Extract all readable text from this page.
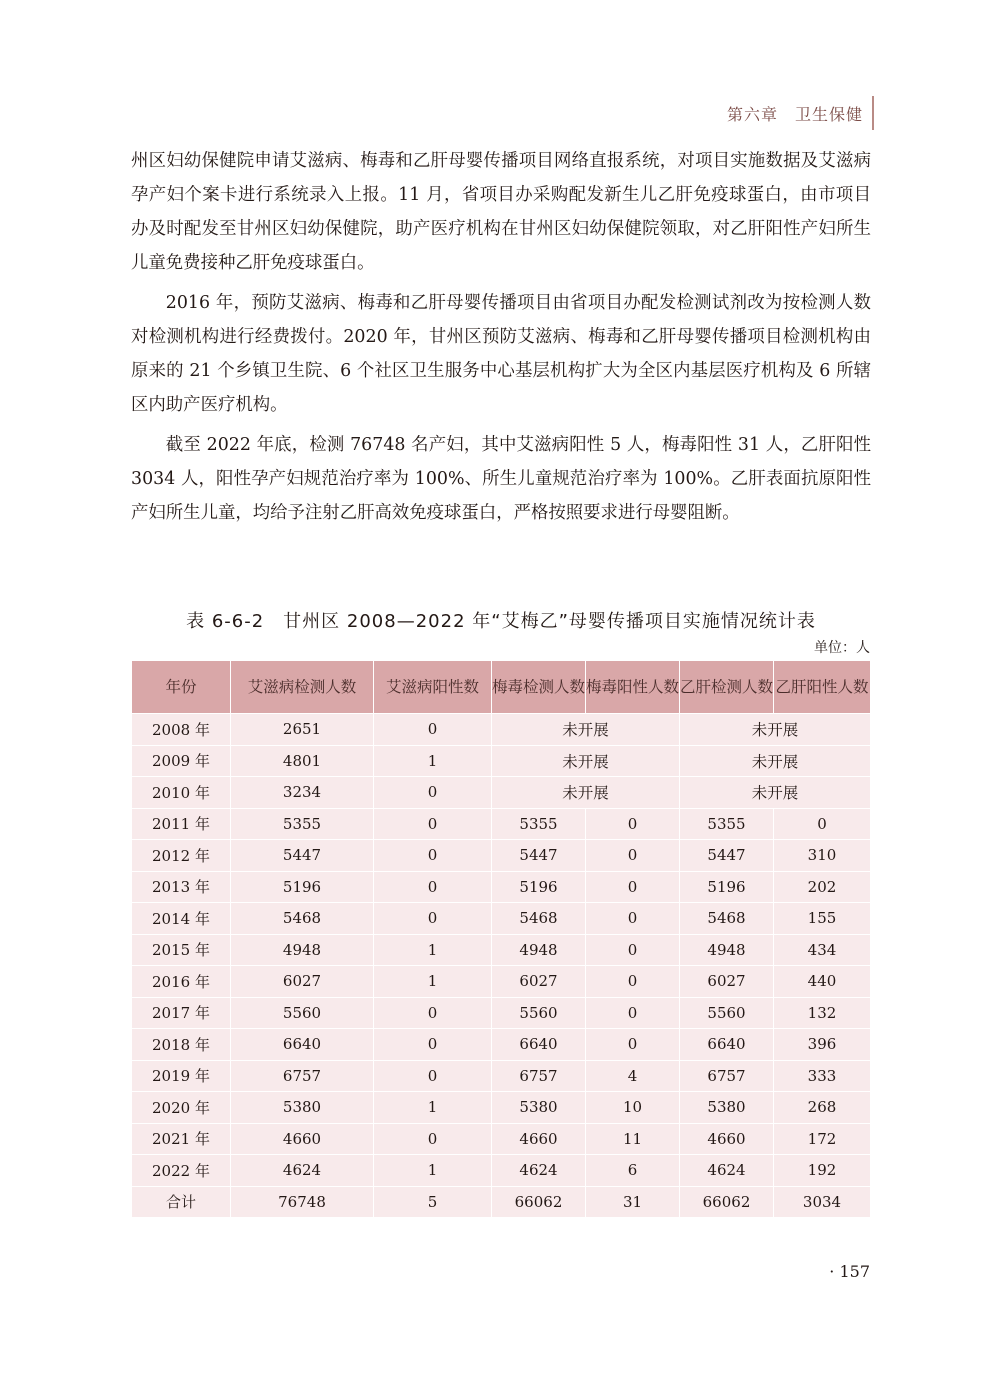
第六章　卫生保健

州区妇幼保健院申请艾滋病、梅毒和乙肝母婴传播项目网络直报系统，对项目实施数据及艾滋病孕产妇个案卡进行系统录入上报。11 月，省项目办采购配发新生儿乙肝免疫球蛋白，由市项目办及时配发至甘州区妇幼保健院，助产医疗机构在甘州区妇幼保健院领取，对乙肝阳性产妇所生儿童免费接种乙肝免疫球蛋白。

2016 年，预防艾滋病、梅毒和乙肝母婴传播项目由省项目办配发检测试剂改为按检测人数对检测机构进行经费拨付。2020 年，甘州区预防艾滋病、梅毒和乙肝母婴传播项目检测机构由原来的 21 个乡镇卫生院、6 个社区卫生服务中心基层机构扩大为全区内基层医疗机构及 6 所辖区内助产医疗机构。

截至 2022 年底，检测 76748 名产妇，其中艾滋病阳性 5 人，梅毒阳性 31 人，乙肝阳性 3034 人，阳性孕产妇规范治疗率为 100%、所生儿童规范治疗率为 100%。乙肝表面抗原阳性产妇所生儿童，均给予注射乙肝高效免疫球蛋白，严格按照要求进行母婴阻断。

表 6-6-2　甘州区 2008—2022 年“艾梅乙”母婴传播项目实施情况统计表
单位：人
年份	艾滋病检测人数	艾滋病阳性数	梅毒检测人数	梅毒阳性人数	乙肝检测人数	乙肝阳性人数
2008 年	2651	0	未开展		未开展	
2009 年	4801	1	未开展		未开展	
2010 年	3234	0	未开展		未开展	
2011 年	5355	0	5355	0	5355	0
2012 年	5447	0	5447	0	5447	310
2013 年	5196	0	5196	0	5196	202
2014 年	5468	0	5468	0	5468	155
2015 年	4948	1	4948	0	4948	434
2016 年	6027	1	6027	0	6027	440
2017 年	5560	0	5560	0	5560	132
2018 年	6640	0	6640	0	6640	396
2019 年	6757	0	6757	4	6757	333
2020 年	5380	1	5380	10	5380	268
2021 年	4660	0	4660	11	4660	172
2022 年	4624	1	4624	6	4624	192
合计	76748	5	66062	31	66062	3034
· 157
